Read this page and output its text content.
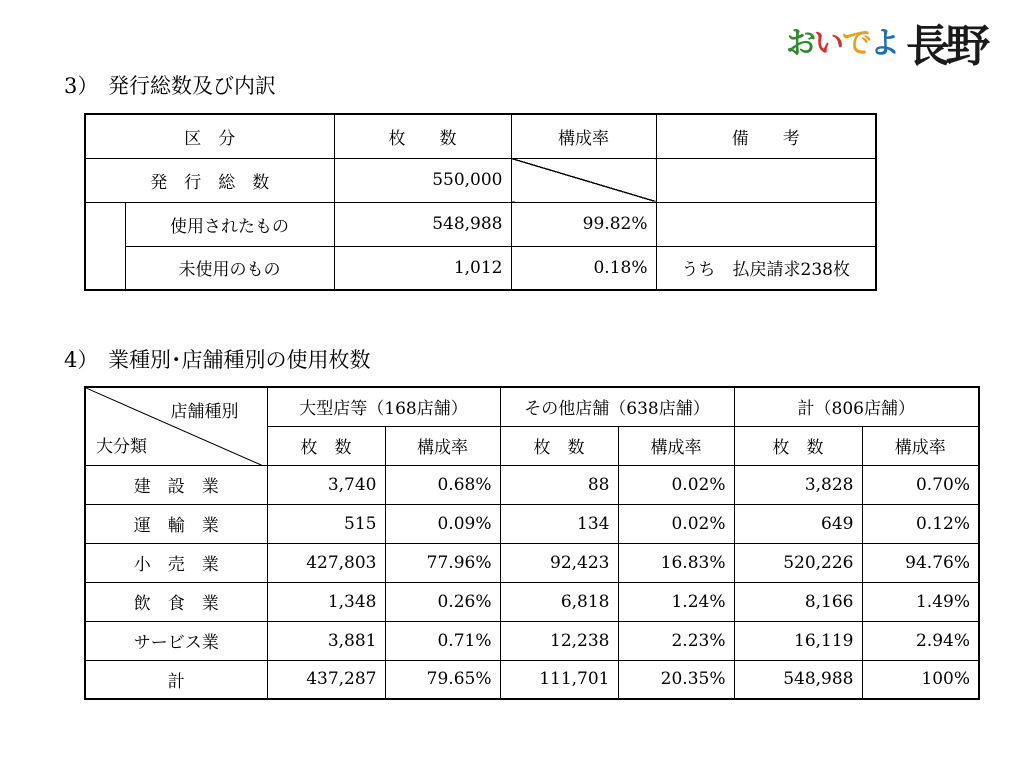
おいでよ 長野
3） 発行総数及び内訳
区　分		枚　　数	構成率	備　　考
発　行　総　数		550,000		
	使用されたもの	548,988	99.82%	
	未使用のもの	1,012	0.18%	うち　払戻請求238枚
4） 業種別･店舗種別の使用枚数
店舗種別
大分類	大型店等（168店舗）		その他店舗（638店舗）		計（806店舗）	
	枚　数	構成率	枚　数	構成率	枚　数	構成率
建　設　業	3,740	0.68%	88	0.02%	3,828	0.70%
運　輸　業	515	0.09%	134	0.02%	649	0.12%
小　売　業	427,803	77.96%	92,423	16.83%	520,226	94.76%
飲　食　業	1,348	0.26%	6,818	1.24%	8,166	1.49%
サービス業	3,881	0.71%	12,238	2.23%	16,119	2.94%
計	437,287	79.65%	111,701	20.35%	548,988	100%
